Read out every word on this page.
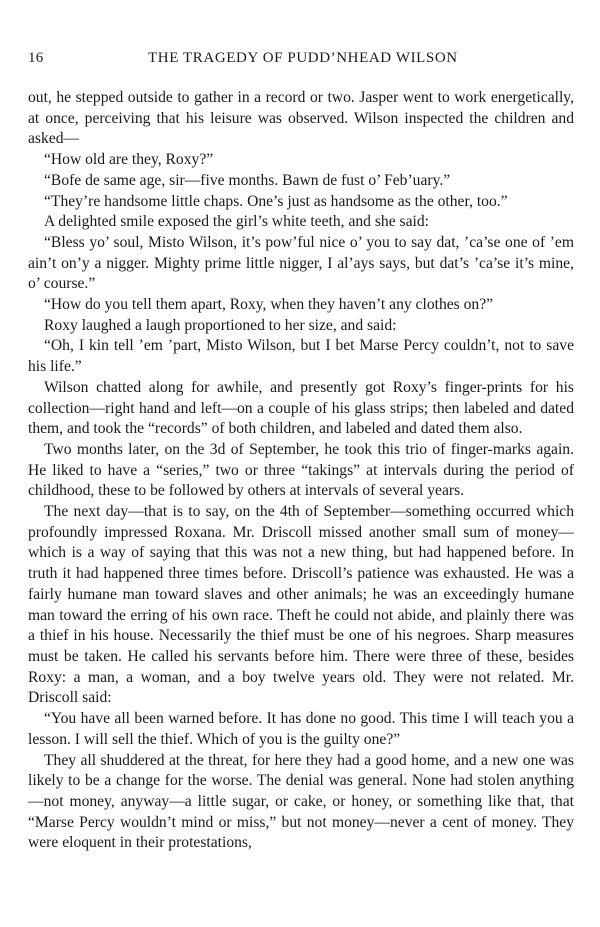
16	THE TRAGEDY OF PUDD’NHEAD WILSON

out, he stepped outside to gather in a record or two. Jasper went to work energetically, at once, perceiving that his leisure was observed. Wilson inspected the children and asked—

“How old are they, Roxy?”

“Bofe de same age, sir—five months. Bawn de fust o’ Feb’uary.”

“They’re handsome little chaps. One’s just as handsome as the other, too.”

A delighted smile exposed the girl’s white teeth, and she said:

“Bless yo’ soul, Misto Wilson, it’s pow’ful nice o’ you to say dat, ’ca’se one of ’em ain’t on’y a nigger. Mighty prime little nigger, I al’ays says, but dat’s ’ca’se it’s mine, o’ course.”

“How do you tell them apart, Roxy, when they haven’t any clothes on?”

Roxy laughed a laugh proportioned to her size, and said:

“Oh, I kin tell ’em ’part, Misto Wilson, but I bet Marse Percy couldn’t, not to save his life.”

Wilson chatted along for awhile, and presently got Roxy’s finger-prints for his collection—right hand and left—on a couple of his glass strips; then labeled and dated them, and took the “records” of both children, and labeled and dated them also.

Two months later, on the 3d of September, he took this trio of finger-marks again. He liked to have a “series,” two or three “takings” at intervals during the period of childhood, these to be followed by others at intervals of several years.

The next day—that is to say, on the 4th of September—something occurred which profoundly impressed Roxana. Mr. Driscoll missed another small sum of money—which is a way of saying that this was not a new thing, but had happened before. In truth it had happened three times before. Driscoll’s patience was exhausted. He was a fairly humane man toward slaves and other animals; he was an exceedingly humane man toward the erring of his own race. Theft he could not abide, and plainly there was a thief in his house. Necessarily the thief must be one of his negroes. Sharp measures must be taken. He called his servants before him. There were three of these, besides Roxy: a man, a woman, and a boy twelve years old. They were not related. Mr. Driscoll said:

“You have all been warned before. It has done no good. This time I will teach you a lesson. I will sell the thief. Which of you is the guilty one?”

They all shuddered at the threat, for here they had a good home, and a new one was likely to be a change for the worse. The denial was general. None had stolen anything—not money, anyway—a little sugar, or cake, or honey, or something like that, that “Marse Percy wouldn’t mind or miss,” but not money—never a cent of money. They were eloquent in their protestations,
